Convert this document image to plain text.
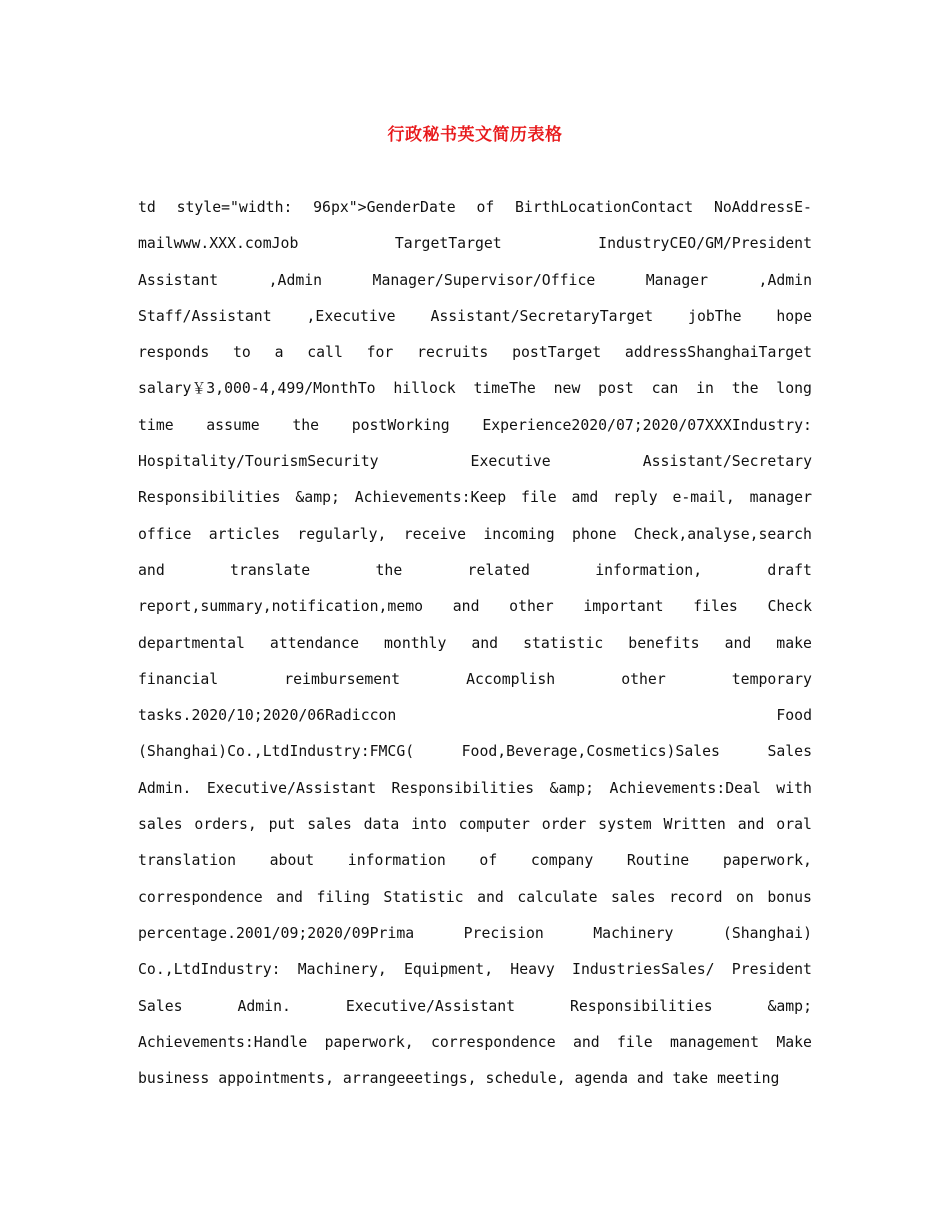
行政秘书英文简历表格
td style="width: 96px">GenderDate of BirthLocationContact NoAddressE-
mailwww.XXX.comJob	TargetTarget	IndustryCEO/GM/President
Assistant	,Admin	Manager/Supervisor/Office	Manager	,Admin
Staff/Assistant ,Executive Assistant/SecretaryTarget jobThe hope
responds to a call for recruits postTarget addressShanghaiTarget
salary￥3,000-4,499/MonthTo hillock timeThe new post can in the long
time assume the postWorking Experience2020/07;2020/07XXXIndustry:
Hospitality/TourismSecurity	Executive	Assistant/Secretary
Responsibilities &amp; Achievements:Keep file amd reply e-mail, manager
office articles regularly, receive incoming phone Check,analyse,search
and	translate	the	related	information,	draft
report,summary,notification,memo and other important files Check
departmental attendance monthly and statistic benefits and make
financial	reimbursement	Accomplish	other	temporary
tasks.2020/10;2020/06Radiccon	Food
(Shanghai)Co.,LtdIndustry:FMCG(	Food,Beverage,Cosmetics)Sales	Sales
Admin. Executive/Assistant Responsibilities &amp; Achievements:Deal with
sales orders, put sales data into computer order system Written and oral
translation about information of company Routine paperwork,
correspondence and filing Statistic and calculate sales record on bonus
percentage.2001/09;2020/09Prima	Precision	Machinery	(Shanghai)
Co.,LtdIndustry: Machinery, Equipment, Heavy IndustriesSales/ President
Sales	Admin.	Executive/Assistant	Responsibilities	&amp;
Achievements:Handle paperwork, correspondence and file management Make
business appointments, arrangeeetings, schedule, agenda and take meeting
